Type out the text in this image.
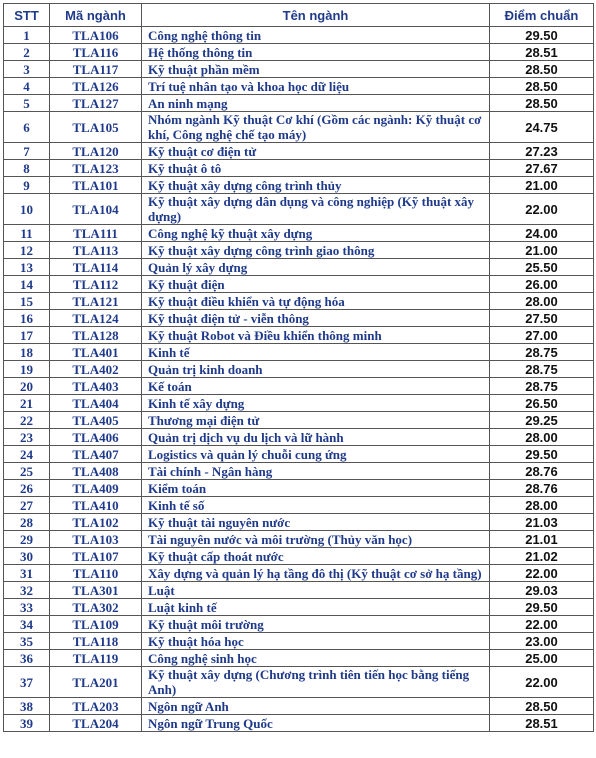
STT	Mã ngành	Tên ngành	Điểm chuẩn
1	TLA106	Công nghệ thông tin	29.50
2	TLA116	Hệ thống thông tin	28.51
3	TLA117	Kỹ thuật phần mềm	28.50
4	TLA126	Trí tuệ nhân tạo và khoa học dữ liệu	28.50
5	TLA127	An ninh mạng	28.50
6	TLA105	Nhóm ngành Kỹ thuật Cơ khí (Gồm các ngành: Kỹ thuật cơ khí, Công nghệ chế tạo máy)	24.75
7	TLA120	Kỹ thuật cơ điện tử	27.23
8	TLA123	Kỹ thuật ô tô	27.67
9	TLA101	Kỹ thuật xây dựng công trình thủy	21.00
10	TLA104	Kỹ thuật xây dựng dân dụng và công nghiệp (Kỹ thuật xây dựng)	22.00
11	TLA111	Công nghệ kỹ thuật xây dựng	24.00
12	TLA113	Kỹ thuật xây dựng công trình giao thông	21.00
13	TLA114	Quản lý xây dựng	25.50
14	TLA112	Kỹ thuật điện	26.00
15	TLA121	Kỹ thuật điều khiển và tự động hóa	28.00
16	TLA124	Kỹ thuật điện tử - viễn thông	27.50
17	TLA128	Kỹ thuật Robot và Điều khiển thông minh	27.00
18	TLA401	Kinh tế	28.75
19	TLA402	Quản trị kinh doanh	28.75
20	TLA403	Kế toán	28.75
21	TLA404	Kinh tế xây dựng	26.50
22	TLA405	Thương mại điện tử	29.25
23	TLA406	Quản trị dịch vụ du lịch và lữ hành	28.00
24	TLA407	Logistics và quản lý chuỗi cung ứng	29.50
25	TLA408	Tài chính - Ngân hàng	28.76
26	TLA409	Kiểm toán	28.76
27	TLA410	Kinh tế số	28.00
28	TLA102	Kỹ thuật tài nguyên nước	21.03
29	TLA103	Tài nguyên nước và môi trường (Thủy văn học)	21.01
30	TLA107	Kỹ thuật cấp thoát nước	21.02
31	TLA110	Xây dựng và quản lý hạ tầng đô thị (Kỹ thuật cơ sở hạ tầng)	22.00
32	TLA301	Luật	29.03
33	TLA302	Luật kinh tế	29.50
34	TLA109	Kỹ thuật môi trường	22.00
35	TLA118	Kỹ thuật hóa học	23.00
36	TLA119	Công nghệ sinh học	25.00
37	TLA201	Kỹ thuật xây dựng (Chương trình tiên tiến học bằng tiếng Anh)	22.00
38	TLA203	Ngôn ngữ Anh	28.50
39	TLA204	Ngôn ngữ Trung Quốc	28.51
